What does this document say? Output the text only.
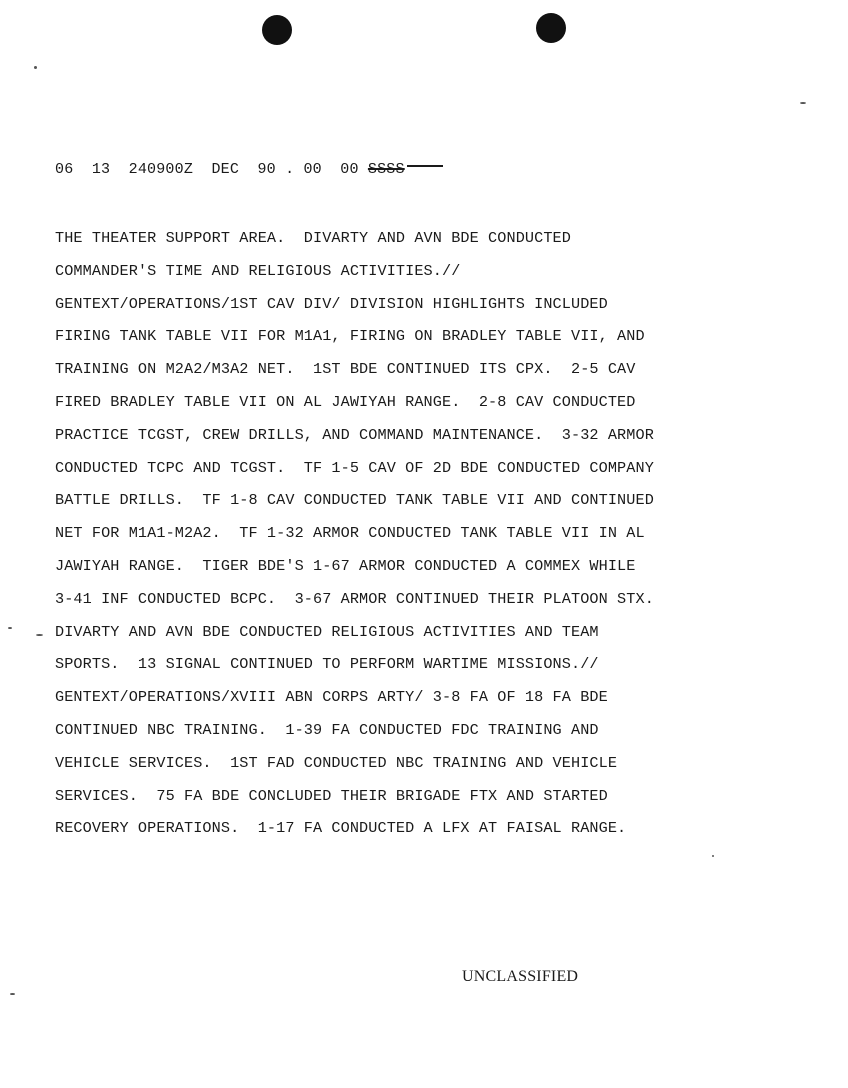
06 13 240900Z DEC 90 . 00 00 SSSS
THE THEATER SUPPORT AREA.  DIVARTY AND AVN BDE CONDUCTED
COMMANDER'S TIME AND RELIGIOUS ACTIVITIES.//
GENTEXT/OPERATIONS/1ST CAV DIV/ DIVISION HIGHLIGHTS INCLUDED
FIRING TANK TABLE VII FOR M1A1, FIRING ON BRADLEY TABLE VII, AND
TRAINING ON M2A2/M3A2 NET.  1ST BDE CONTINUED ITS CPX.  2-5 CAV
FIRED BRADLEY TABLE VII ON AL JAWIYAH RANGE.  2-8 CAV CONDUCTED
PRACTICE TCGST, CREW DRILLS, AND COMMAND MAINTENANCE.  3-32 ARMOR
CONDUCTED TCPC AND TCGST.  TF 1-5 CAV OF 2D BDE CONDUCTED COMPANY
BATTLE DRILLS.  TF 1-8 CAV CONDUCTED TANK TABLE VII AND CONTINUED
NET FOR M1A1-M2A2.  TF 1-32 ARMOR CONDUCTED TANK TABLE VII IN AL
JAWIYAH RANGE.  TIGER BDE'S 1-67 ARMOR CONDUCTED A COMMEX WHILE
3-41 INF CONDUCTED BCPC.  3-67 ARMOR CONTINUED THEIR PLATOON STX.
DIVARTY AND AVN BDE CONDUCTED RELIGIOUS ACTIVITIES AND TEAM
SPORTS.  13 SIGNAL CONTINUED TO PERFORM WARTIME MISSIONS.//
GENTEXT/OPERATIONS/XVIII ABN CORPS ARTY/ 3-8 FA OF 18 FA BDE
CONTINUED NBC TRAINING.  1-39 FA CONDUCTED FDC TRAINING AND
VEHICLE SERVICES.  1ST FAD CONDUCTED NBC TRAINING AND VEHICLE
SERVICES.  75 FA BDE CONCLUDED THEIR BRIGADE FTX AND STARTED
RECOVERY OPERATIONS.  1-17 FA CONDUCTED A LFX AT FAISAL RANGE.
UNCLASSIFIED
